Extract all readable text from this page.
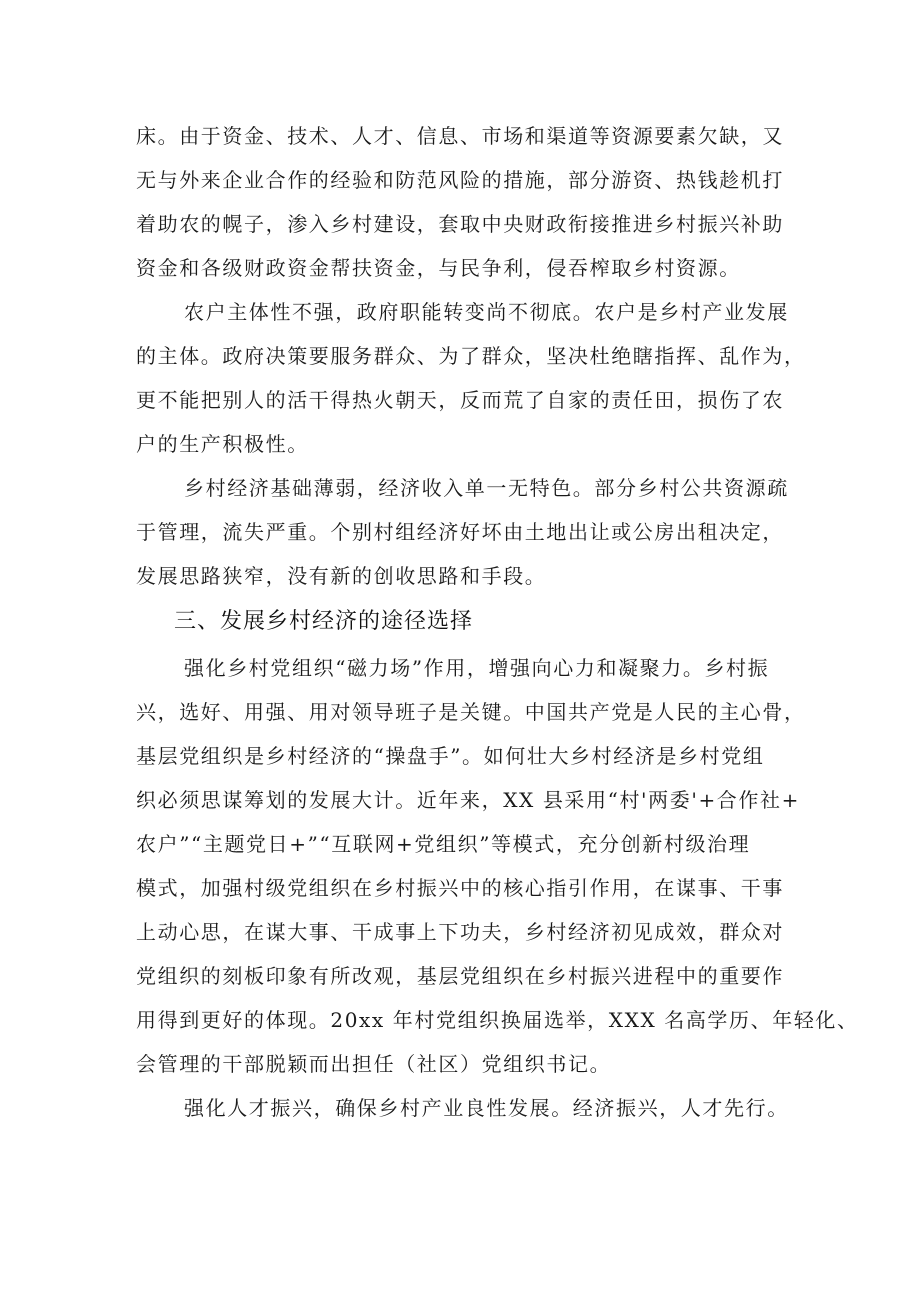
床。由于资金、技术、人才、信息、市场和渠道等资源要素欠缺，又
无与外来企业合作的经验和防范风险的措施，部分游资、热钱趁机打
着助农的幌子，渗入乡村建设，套取中央财政衔接推进乡村振兴补助
资金和各级财政资金帮扶资金，与民争利，侵吞榨取乡村资源。
农户主体性不强，政府职能转变尚不彻底。农户是乡村产业发展
的主体。政府决策要服务群众、为了群众，坚决杜绝瞎指挥、乱作为，
更不能把别人的活干得热火朝天，反而荒了自家的责任田，损伤了农
户的生产积极性。
乡村经济基础薄弱，经济收入单一无特色。部分乡村公共资源疏
于管理，流失严重。个别村组经济好坏由土地出让或公房出租决定，
发展思路狭窄，没有新的创收思路和手段。
三、发展乡村经济的途径选择
强化乡村党组织“磁力场”作用，增强向心力和凝聚力。乡村振
兴，选好、用强、用对领导班子是关键。中国共产党是人民的主心骨，
基层党组织是乡村经济的“操盘手”。如何壮大乡村经济是乡村党组
织必须思谋筹划的发展大计。近年来，XX 县采用“村'两委'+合作社+
农户”“主题党日+”“互联网+党组织”等模式，充分创新村级治理
模式，加强村级党组织在乡村振兴中的核心指引作用，在谋事、干事
上动心思，在谋大事、干成事上下功夫，乡村经济初见成效，群众对
党组织的刻板印象有所改观，基层党组织在乡村振兴进程中的重要作
用得到更好的体现。20xx 年村党组织换届选举，XXX 名高学历、年轻化、
会管理的干部脱颖而出担任（社区）党组织书记。
强化人才振兴，确保乡村产业良性发展。经济振兴，人才先行。
